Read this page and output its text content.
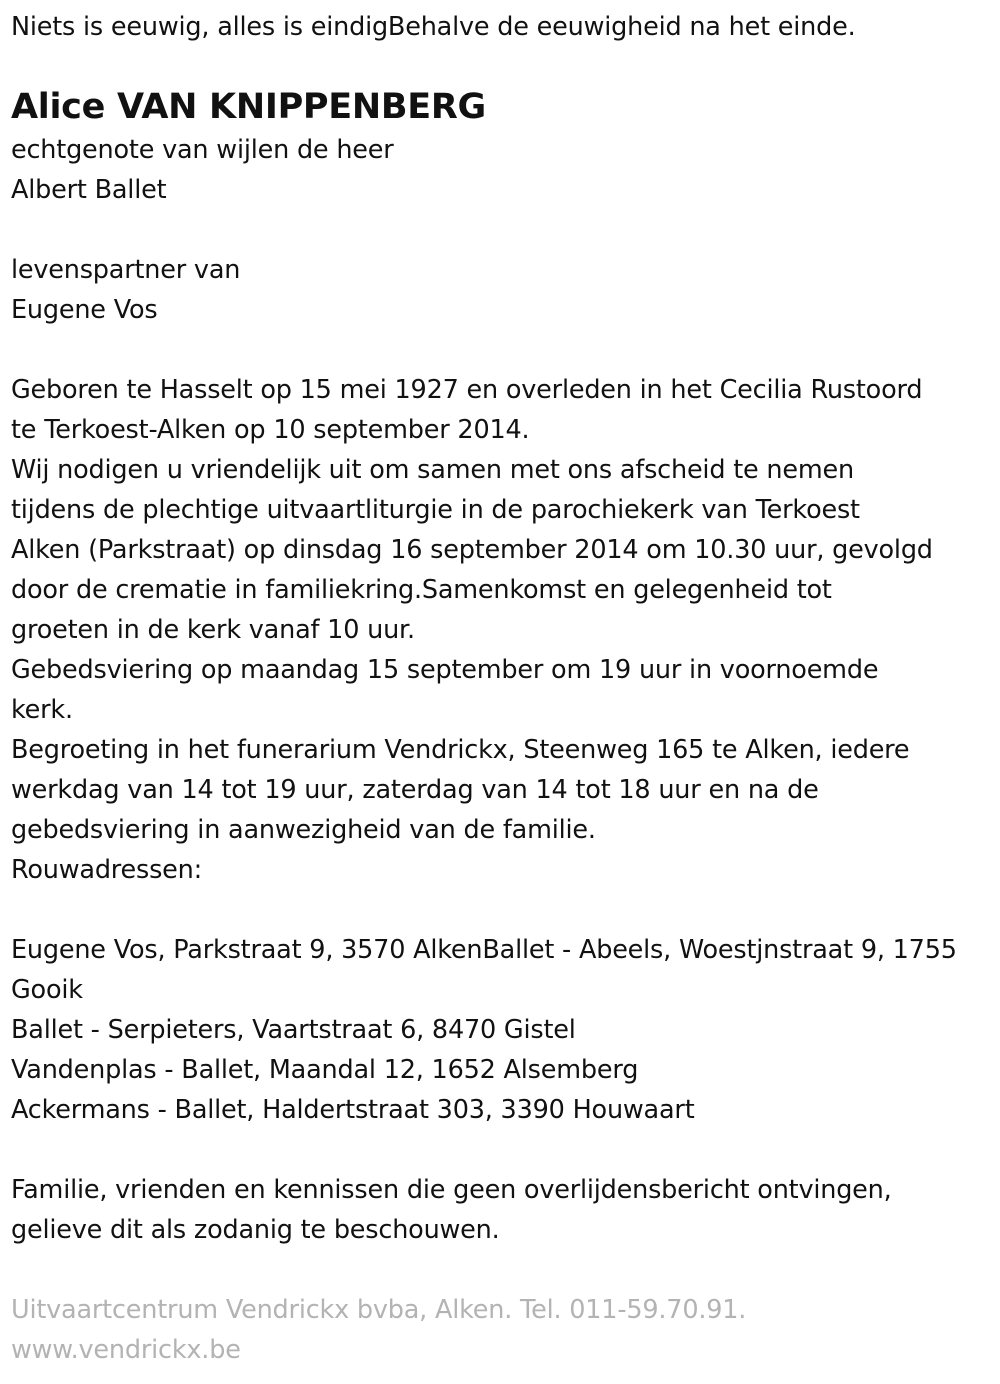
Niets is eeuwig, alles is eindigBehalve de eeuwigheid na het einde.
Alice VAN KNIPPENBERG
echtgenote van wijlen de heer
Albert Ballet
levenspartner van
Eugene Vos
Geboren te Hasselt op 15 mei 1927 en overleden in het Cecilia Rustoord
te Terkoest-Alken op 10 september 2014.
Wij nodigen u vriendelijk uit om samen met ons afscheid te nemen
tijdens de plechtige uitvaartliturgie in de parochiekerk van Terkoest
Alken (Parkstraat) op dinsdag 16 september 2014 om 10.30 uur, gevolgd
door de crematie in familiekring.Samenkomst en gelegenheid tot
groeten in de kerk vanaf 10 uur.
Gebedsviering op maandag 15 september om 19 uur in voornoemde
kerk.
Begroeting in het funerarium Vendrickx, Steenweg 165 te Alken, iedere
werkdag van 14 tot 19 uur, zaterdag van 14 tot 18 uur en na de
gebedsviering in aanwezigheid van de familie.
Rouwadressen:
Eugene Vos, Parkstraat 9, 3570 AlkenBallet - Abeels, Woestjnstraat 9, 1755
Gooik
Ballet - Serpieters, Vaartstraat 6, 8470 Gistel
Vandenplas - Ballet, Maandal 12, 1652 Alsemberg
Ackermans - Ballet, Haldertstraat 303, 3390 Houwaart
Familie, vrienden en kennissen die geen overlijdensbericht ontvingen,
gelieve dit als zodanig te beschouwen.
Uitvaartcentrum Vendrickx bvba, Alken. Tel. 011-59.70.91.
www.vendrickx.be
